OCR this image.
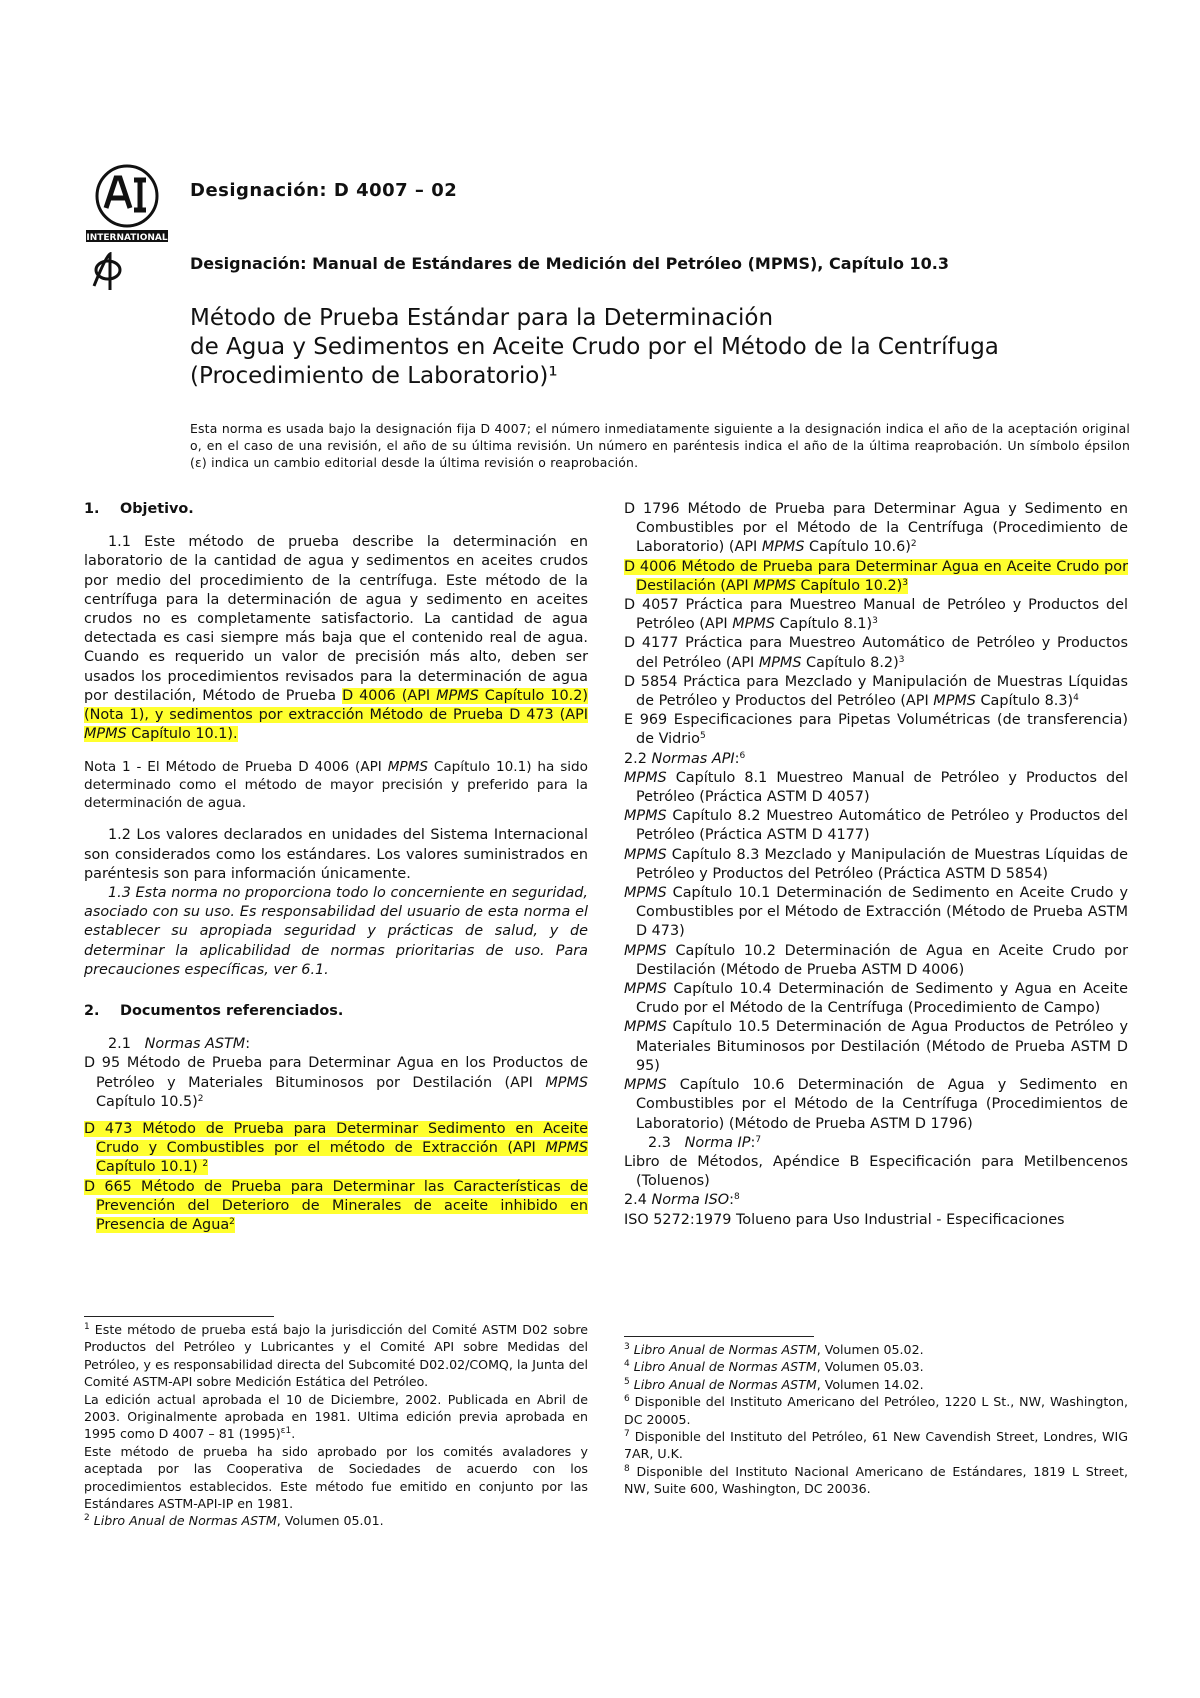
INTERNATIONAL
Designación: D 4007 – 02
Designación: Manual de Estándares de Medición del Petróleo (MPMS), Capítulo 10.3
Método de Prueba Estándar para la Determinación
de Agua y Sedimentos en Aceite Crudo por el Método de la Centrífuga
(Procedimiento de Laboratorio)¹
Esta norma es usada bajo la designación fija D 4007; el número inmediatamente siguiente a la designación indica el año de la aceptación original o, en el caso de una revisión, el año de su última revisión. Un número en paréntesis indica el año de la última reaprobación. Un símbolo épsilon (ɛ) indica un cambio editorial desde la última revisión o reaprobación.

1. Objetivo.

1.1 Este método de prueba describe la determinación en laboratorio de la cantidad de agua y sedimentos en aceites crudos por medio del procedimiento de la centrífuga. Este método de la centrífuga para la determinación de agua y sedimento en aceites crudos no es completamente satisfactorio. La cantidad de agua detectada es casi siempre más baja que el contenido real de agua. Cuando es requerido un valor de precisión más alto, deben ser usados los procedimientos revisados para la determinación de agua por destilación, Método de Prueba D 4006 (API MPMS Capítulo 10.2) (Nota 1), y sedimentos por extracción Método de Prueba D 473 (API MPMS Capítulo 10.1).

Nota 1 - El Método de Prueba D 4006 (API MPMS Capítulo 10.1) ha sido determinado como el método de mayor precisión y preferido para la determinación de agua.

1.2 Los valores declarados en unidades del Sistema Internacional son considerados como los estándares. Los valores suministrados en paréntesis son para información únicamente.

1.3 Esta norma no proporciona todo lo concerniente en seguridad, asociado con su uso. Es responsabilidad del usuario de esta norma el establecer su apropiada seguridad y prácticas de salud, y de determinar la aplicabilidad de normas prioritarias de uso. Para precauciones específicas, ver 6.1.

2. Documentos referenciados.

2.1 Normas ASTM:

D 95 Método de Prueba para Determinar Agua en los Productos de Petróleo y Materiales Bituminosos por Destilación (API MPMS Capítulo 10.5)$^2$

D 473 Método de Prueba para Determinar Sedimento en Aceite Crudo y Combustibles por el método de Extracción (API MPMS Capítulo 10.1) $^2$

D 665 Método de Prueba para Determinar las Características de Prevención del Deterioro de Minerales de aceite inhibido en Presencia de Agua$^2$

D 1796 Método de Prueba para Determinar Agua y Sedimento en Combustibles por el Método de la Centrífuga (Procedimiento de Laboratorio) (API MPMS Capítulo 10.6)$^2$

D 4006 Método de Prueba para Determinar Agua en Aceite Crudo por Destilación (API MPMS Capítulo 10.2)$^3$

D 4057 Práctica para Muestreo Manual de Petróleo y Productos del Petróleo (API MPMS Capítulo 8.1)$^3$

D 4177 Práctica para Muestreo Automático de Petróleo y Productos del Petróleo (API MPMS Capítulo 8.2)$^3$

D 5854 Práctica para Mezclado y Manipulación de Muestras Líquidas de Petróleo y Productos del Petróleo (API MPMS Capítulo 8.3)$^4$

E 969 Especificaciones para Pipetas Volumétricas (de transferencia) de Vidrio$^5$

2.2 Normas API:$^6$

MPMS Capítulo 8.1 Muestreo Manual de Petróleo y Productos del Petróleo (Práctica ASTM D 4057)

MPMS Capítulo 8.2 Muestreo Automático de Petróleo y Productos del Petróleo (Práctica ASTM D 4177)

MPMS Capítulo 8.3 Mezclado y Manipulación de Muestras Líquidas de Petróleo y Productos del Petróleo (Práctica ASTM D 5854)

MPMS Capítulo 10.1 Determinación de Sedimento en Aceite Crudo y Combustibles por el Método de Extracción (Método de Prueba ASTM D 473)

MPMS Capítulo 10.2 Determinación de Agua en Aceite Crudo por Destilación (Método de Prueba ASTM D 4006)

MPMS Capítulo 10.4 Determinación de Sedimento y Agua en Aceite Crudo por el Método de la Centrífuga (Procedimiento de Campo)

MPMS Capítulo 10.5 Determinación de Agua Productos de Petróleo y Materiales Bituminosos por Destilación (Método de Prueba ASTM D 95)

MPMS Capítulo 10.6 Determinación de Agua y Sedimento en Combustibles por el Método de la Centrífuga (Procedimientos de Laboratorio) (Método de Prueba ASTM D 1796)

2.3 Norma IP:$^7$

Libro de Métodos, Apéndice B Especificación para Metilbencenos (Toluenos)

2.4 Norma ISO:$^8$

ISO 5272:1979 Tolueno para Uso Industrial - Especificaciones

$^1$ Este método de prueba está bajo la jurisdicción del Comité ASTM D02 sobre Productos del Petróleo y Lubricantes y el Comité API sobre Medidas del Petróleo, y es responsabilidad directa del Subcomité D02.02/COMQ, la Junta del Comité ASTM-API sobre Medición Estática del Petróleo.

La edición actual aprobada el 10 de Diciembre, 2002. Publicada en Abril de 2003. Originalmente aprobada en 1981. Ultima edición previa aprobada en 1995 como D 4007 – 81 $(1995)^{ɛ1}$.

Este método de prueba ha sido aprobado por los comités avaladores y aceptada por las Cooperativa de Sociedades de acuerdo con los procedimientos establecidos. Este método fue emitido en conjunto por las Estándares ASTM-API-IP en 1981.

$^2$ Libro Anual de Normas ASTM, Volumen 05.01.

$^3$ Libro Anual de Normas ASTM, Volumen 05.02.

$^4$ Libro Anual de Normas ASTM, Volumen 05.03.

$^5$ Libro Anual de Normas ASTM, Volumen 14.02.

$^6$ Disponible del Instituto Americano del Petróleo, 1220 L St., NW, Washington, DC 20005.

$^7$ Disponible del Instituto del Petróleo, 61 New Cavendish Street, Londres, WIG 7AR, U.K.

$^8$ Disponible del Instituto Nacional Americano de Estándares, 1819 L Street, NW, Suite 600, Washington, DC 20036.
